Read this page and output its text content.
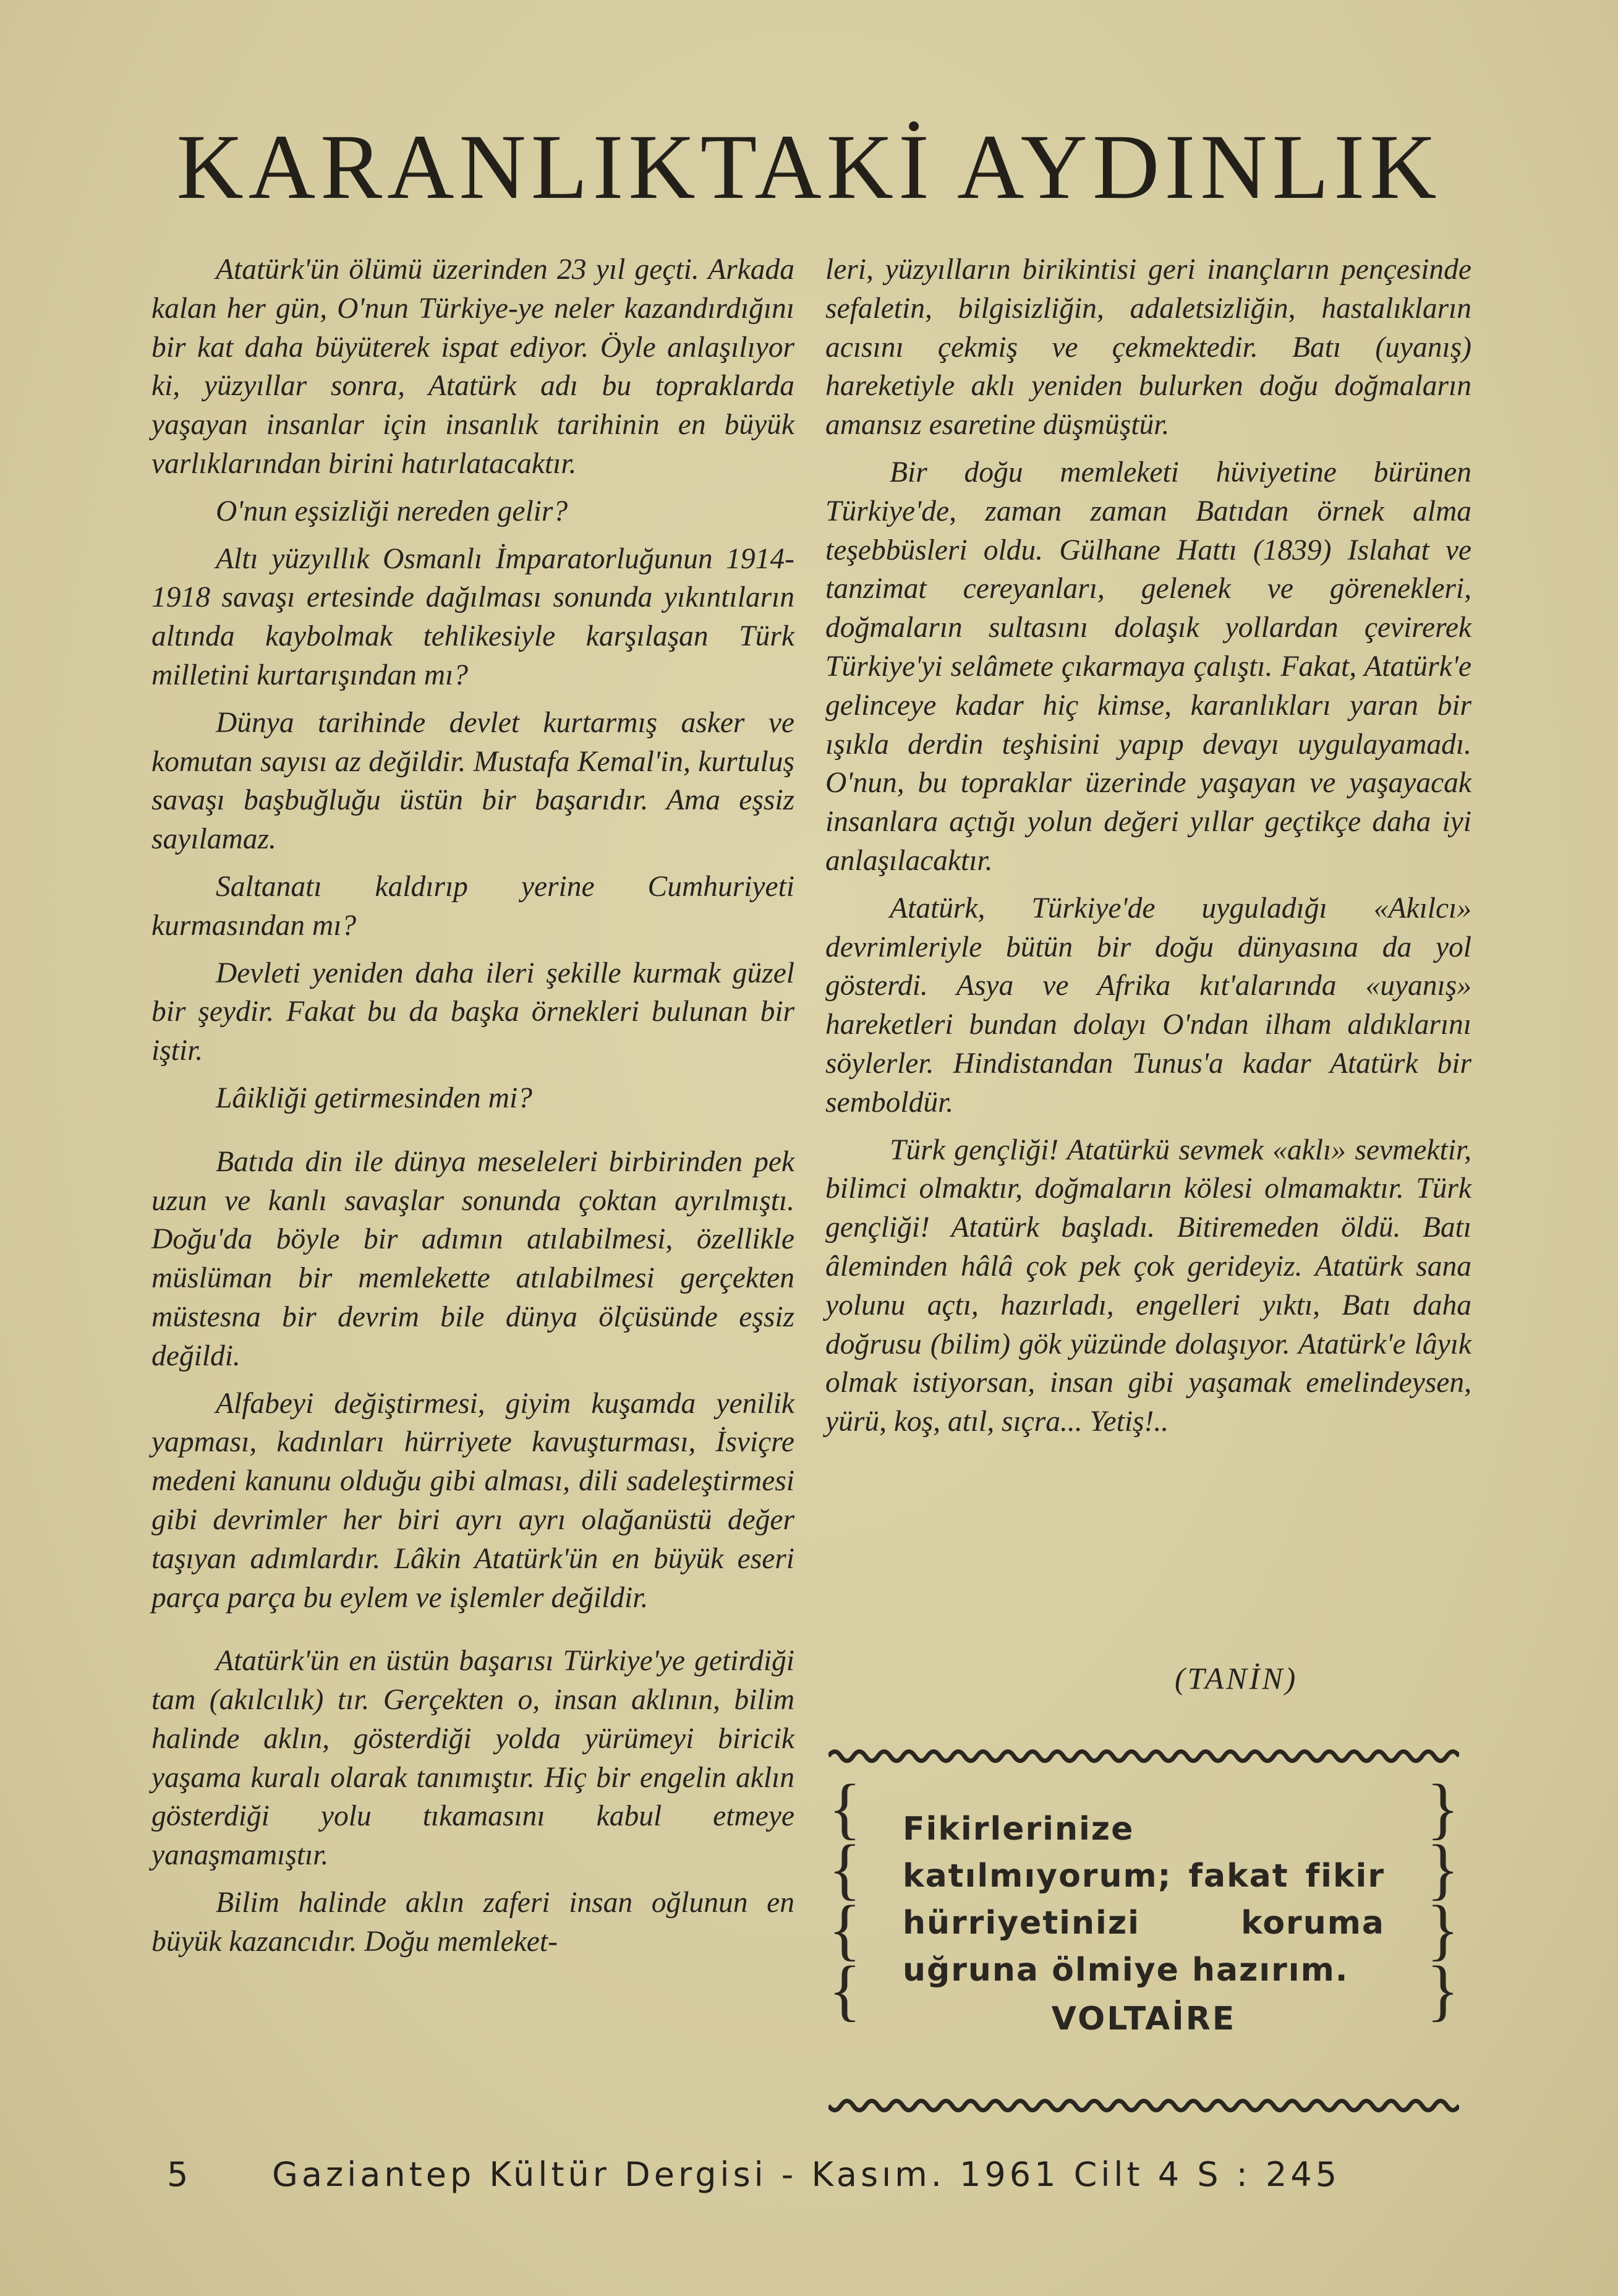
KARANLIKTAKİ AYDINLIK

Atatürk'ün ölümü üzerinden 23 yıl geçti. Arkada kalan her gün, O'nun Türkiye-ye neler kazandırdığını bir kat daha büyüterek ispat ediyor. Öyle anlaşılıyor ki, yüzyıllar sonra, Atatürk adı bu topraklarda yaşayan insanlar için insanlık tarihinin en büyük varlıklarından birini hatırlatacaktır.

O'nun eşsizliği nereden gelir?

Altı yüzyıllık Osmanlı İmparatorluğunun 1914-1918 savaşı ertesinde dağılması sonunda yıkıntıların altında kaybolmak tehlikesiyle karşılaşan Türk milletini kurtarışından mı?

Dünya tarihinde devlet kurtarmış asker ve komutan sayısı az değildir. Mustafa Kemal'in, kurtuluş savaşı başbuğluğu üstün bir başarıdır. Ama eşsiz sayılamaz.

Saltanatı kaldırıp yerine Cumhuriyeti kurmasından mı?

Devleti yeniden daha ileri şekille kurmak güzel bir şeydir. Fakat bu da başka örnekleri bulunan bir iştir.

Lâikliği getirmesinden mi?

Batıda din ile dünya meseleleri birbirinden pek uzun ve kanlı savaşlar sonunda çoktan ayrılmıştı. Doğu'da böyle bir adımın atılabilmesi, özellikle müslüman bir memlekette atılabilmesi gerçekten müstesna bir devrim bile dünya ölçüsünde eşsiz değildi.

Alfabeyi değiştirmesi, giyim kuşamda yenilik yapması, kadınları hürriyete kavuşturması, İsviçre medeni kanunu olduğu gibi alması, dili sadeleştirmesi gibi devrimler her biri ayrı ayrı olağanüstü değer taşıyan adımlardır. Lâkin Atatürk'ün en büyük eseri parça parça bu eylem ve işlemler değildir.

Atatürk'ün en üstün başarısı Türkiye'ye getirdiği tam (akılcılık) tır. Gerçekten o, insan aklının, bilim halinde aklın, gösterdiği yolda yürümeyi biricik yaşama kuralı olarak tanımıştır. Hiç bir engelin aklın gösterdiği yolu tıkamasını kabul etmeye yanaşmamıştır.

Bilim halinde aklın zaferi insan oğlunun en büyük kazancıdır. Doğu memleket-

leri, yüzyılların birikintisi geri inançların pençesinde sefaletin, bilgisizliğin, adaletsizliğin, hastalıkların acısını çekmiş ve çekmektedir. Batı (uyanış) hareketiyle aklı yeniden bulurken doğu doğmaların amansız esaretine düşmüştür.

Bir doğu memleketi hüviyetine bürünen Türkiye'de, zaman zaman Batıdan örnek alma teşebbüsleri oldu. Gülhane Hattı (1839) Islahat ve tanzimat cereyanları, gelenek ve görenekleri, doğmaların sultasını dolaşık yollardan çevirerek Türkiye'yi selâmete çıkarmaya çalıştı. Fakat, Atatürk'e gelinceye kadar hiç kimse, karanlıkları yaran bir ışıkla derdin teşhisini yapıp devayı uygulayamadı. O'nun, bu topraklar üzerinde yaşayan ve yaşayacak insanlara açtığı yolun değeri yıllar geçtikçe daha iyi anlaşılacaktır.

Atatürk, Türkiye'de uyguladığı «Akılcı» devrimleriyle bütün bir doğu dünyasına da yol gösterdi. Asya ve Afrika kıt'alarında «uyanış» hareketleri bundan dolayı O'ndan ilham aldıklarını söylerler. Hindistandan Tunus'a kadar Atatürk bir semboldür.

Türk gençliği! Atatürkü sevmek «aklı» sevmektir, bilimci olmaktır, doğmaların kölesi olmamaktır. Türk gençliği! Atatürk başladı. Bitiremeden öldü. Batı âleminden hâlâ çok pek çok gerideyiz. Atatürk sana yolunu açtı, hazırladı, engelleri yıktı, Batı daha doğrusu (bilim) gök yüzünde dolaşıyor. Atatürk'e lâyık olmak istiyorsan, insan gibi yaşamak emelindeysen, yürü, koş, atıl, sıçra... Yetiş!..

(TANİN)
{
{
{
{
}
}
}
}
Fikirlerinize katılmıyorum; fakat fikir hürriyetinizi koruma uğruna ölmiye hazırım.
VOLTAİRE
5 Gaziantep Kültür Dergisi - Kasım. 1961 Cilt 4 S : 245
